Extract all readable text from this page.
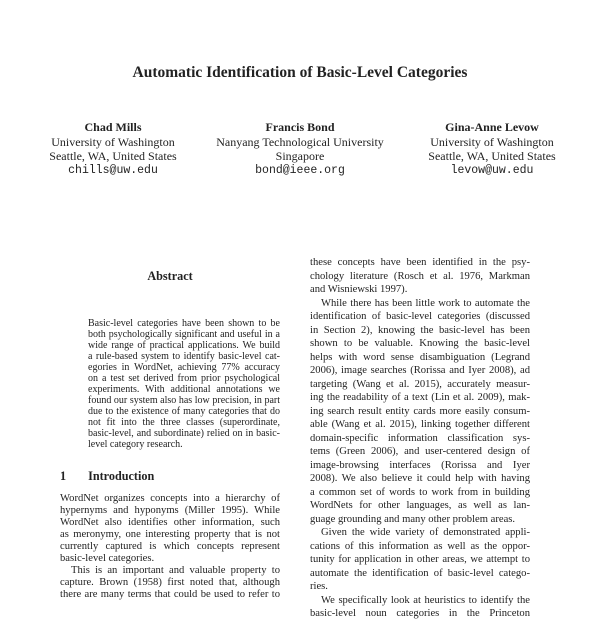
Automatic Identification of Basic-Level Categories
Chad Mills
University of Washington
Seattle, WA, United States
chills@uw.edu
Francis Bond
Nanyang Technological University
Singapore
bond@ieee.org
Gina-Anne Levow
University of Washington
Seattle, WA, United States
levow@uw.edu
Abstract
Basic-level categories have been shown to be
both psychologically significant and useful in a
wide range of practical applications. We build
a rule-based system to identify basic-level cat-
egories in WordNet, achieving 77% accuracy
on a test set derived from prior psychological
experiments. With additional annotations we
found our system also has low precision, in part
due to the existence of many categories that do
not fit into the three classes (superordinate,
basic-level, and subordinate) relied on in basic-
level category research.
1 Introduction
WordNet organizes concepts into a hierarchy of
hypernyms and hyponyms (Miller 1995). While
WordNet also identifies other information, such
as meronymy, one interesting property that is not
currently captured is which concepts represent
basic-level categories.
This is an important and valuable property to
capture. Brown (1958) first noted that, although
there are many terms that could be used to refer to
these concepts have been identified in the psy-
chology literature (Rosch et al. 1976, Markman
and Wisniewski 1997).
While there has been little work to automate the
identification of basic-level categories (discussed
in Section 2), knowing the basic-level has been
shown to be valuable. Knowing the basic-level
helps with word sense disambiguation (Legrand
2006), image searches (Rorissa and Iyer 2008), ad
targeting (Wang et al. 2015), accurately measur-
ing the readability of a text (Lin et al. 2009), mak-
ing search result entity cards more easily consum-
able (Wang et al. 2015), linking together different
domain-specific information classification sys-
tems (Green 2006), and user-centered design of
image-browsing interfaces (Rorissa and Iyer
2008). We also believe it could help with having
a common set of words to work from in building
WordNets for other languages, as well as lan-
guage grounding and many other problem areas.
Given the wide variety of demonstrated appli-
cations of this information as well as the oppor-
tunity for application in other areas, we attempt to
automate the identification of basic-level catego-
ries.
We specifically look at heuristics to identify the
basic-level noun categories in the Princeton
